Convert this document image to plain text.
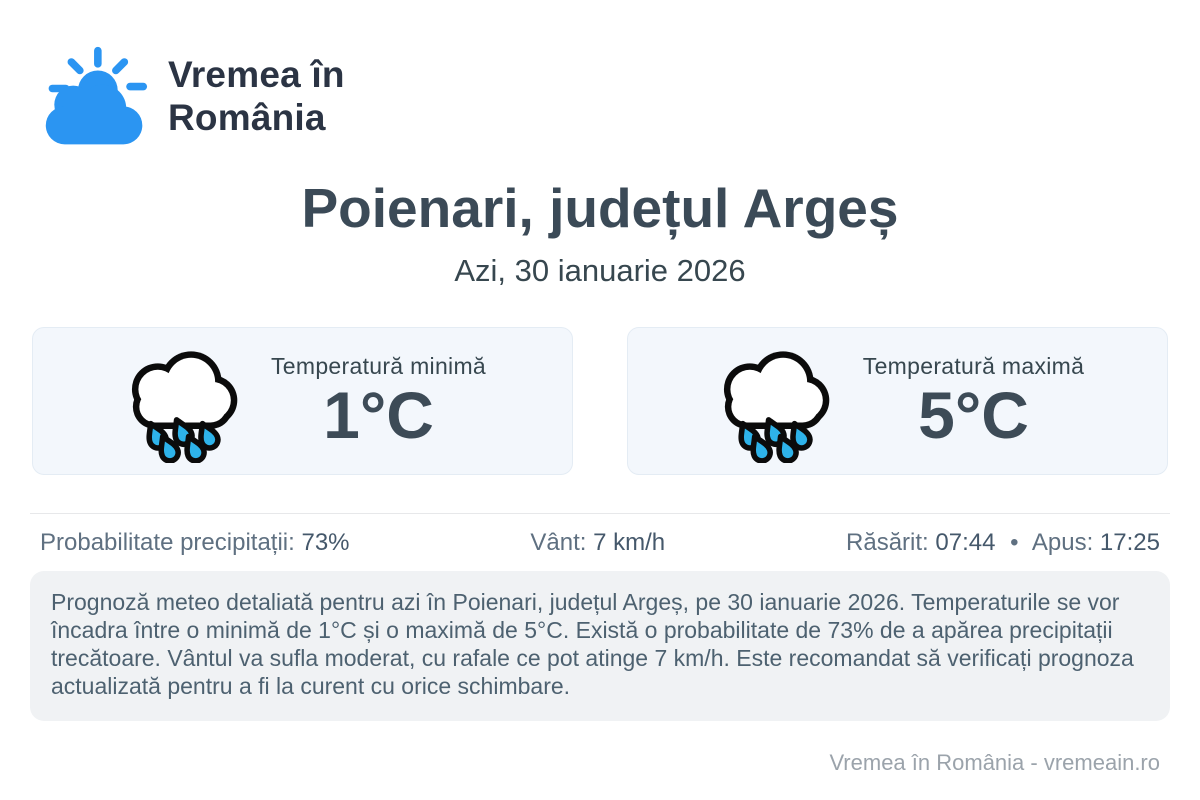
Vremea în
România
Poienari, județul Argeș
Azi, 30 ianuarie 2026
Temperatură minimă
1°C
Temperatură maximă
5°C
Probabilitate precipitații: 73%	Vânt: 7 km/h	Răsărit: 07:44 • Apus: 17:25
Prognoză meteo detaliată pentru azi în Poienari, județul Argeș, pe 30 ianuarie 2026. Temperaturile se vor încadra între o minimă de 1°C și o maximă de 5°C. Există o probabilitate de 73% de a apărea precipitații trecătoare. Vântul va sufla moderat, cu rafale ce pot atinge 7 km/h. Este recomandat să verificați prognoza actualizată pentru a fi la curent cu orice schimbare.
Vremea în România - vremeain.ro
